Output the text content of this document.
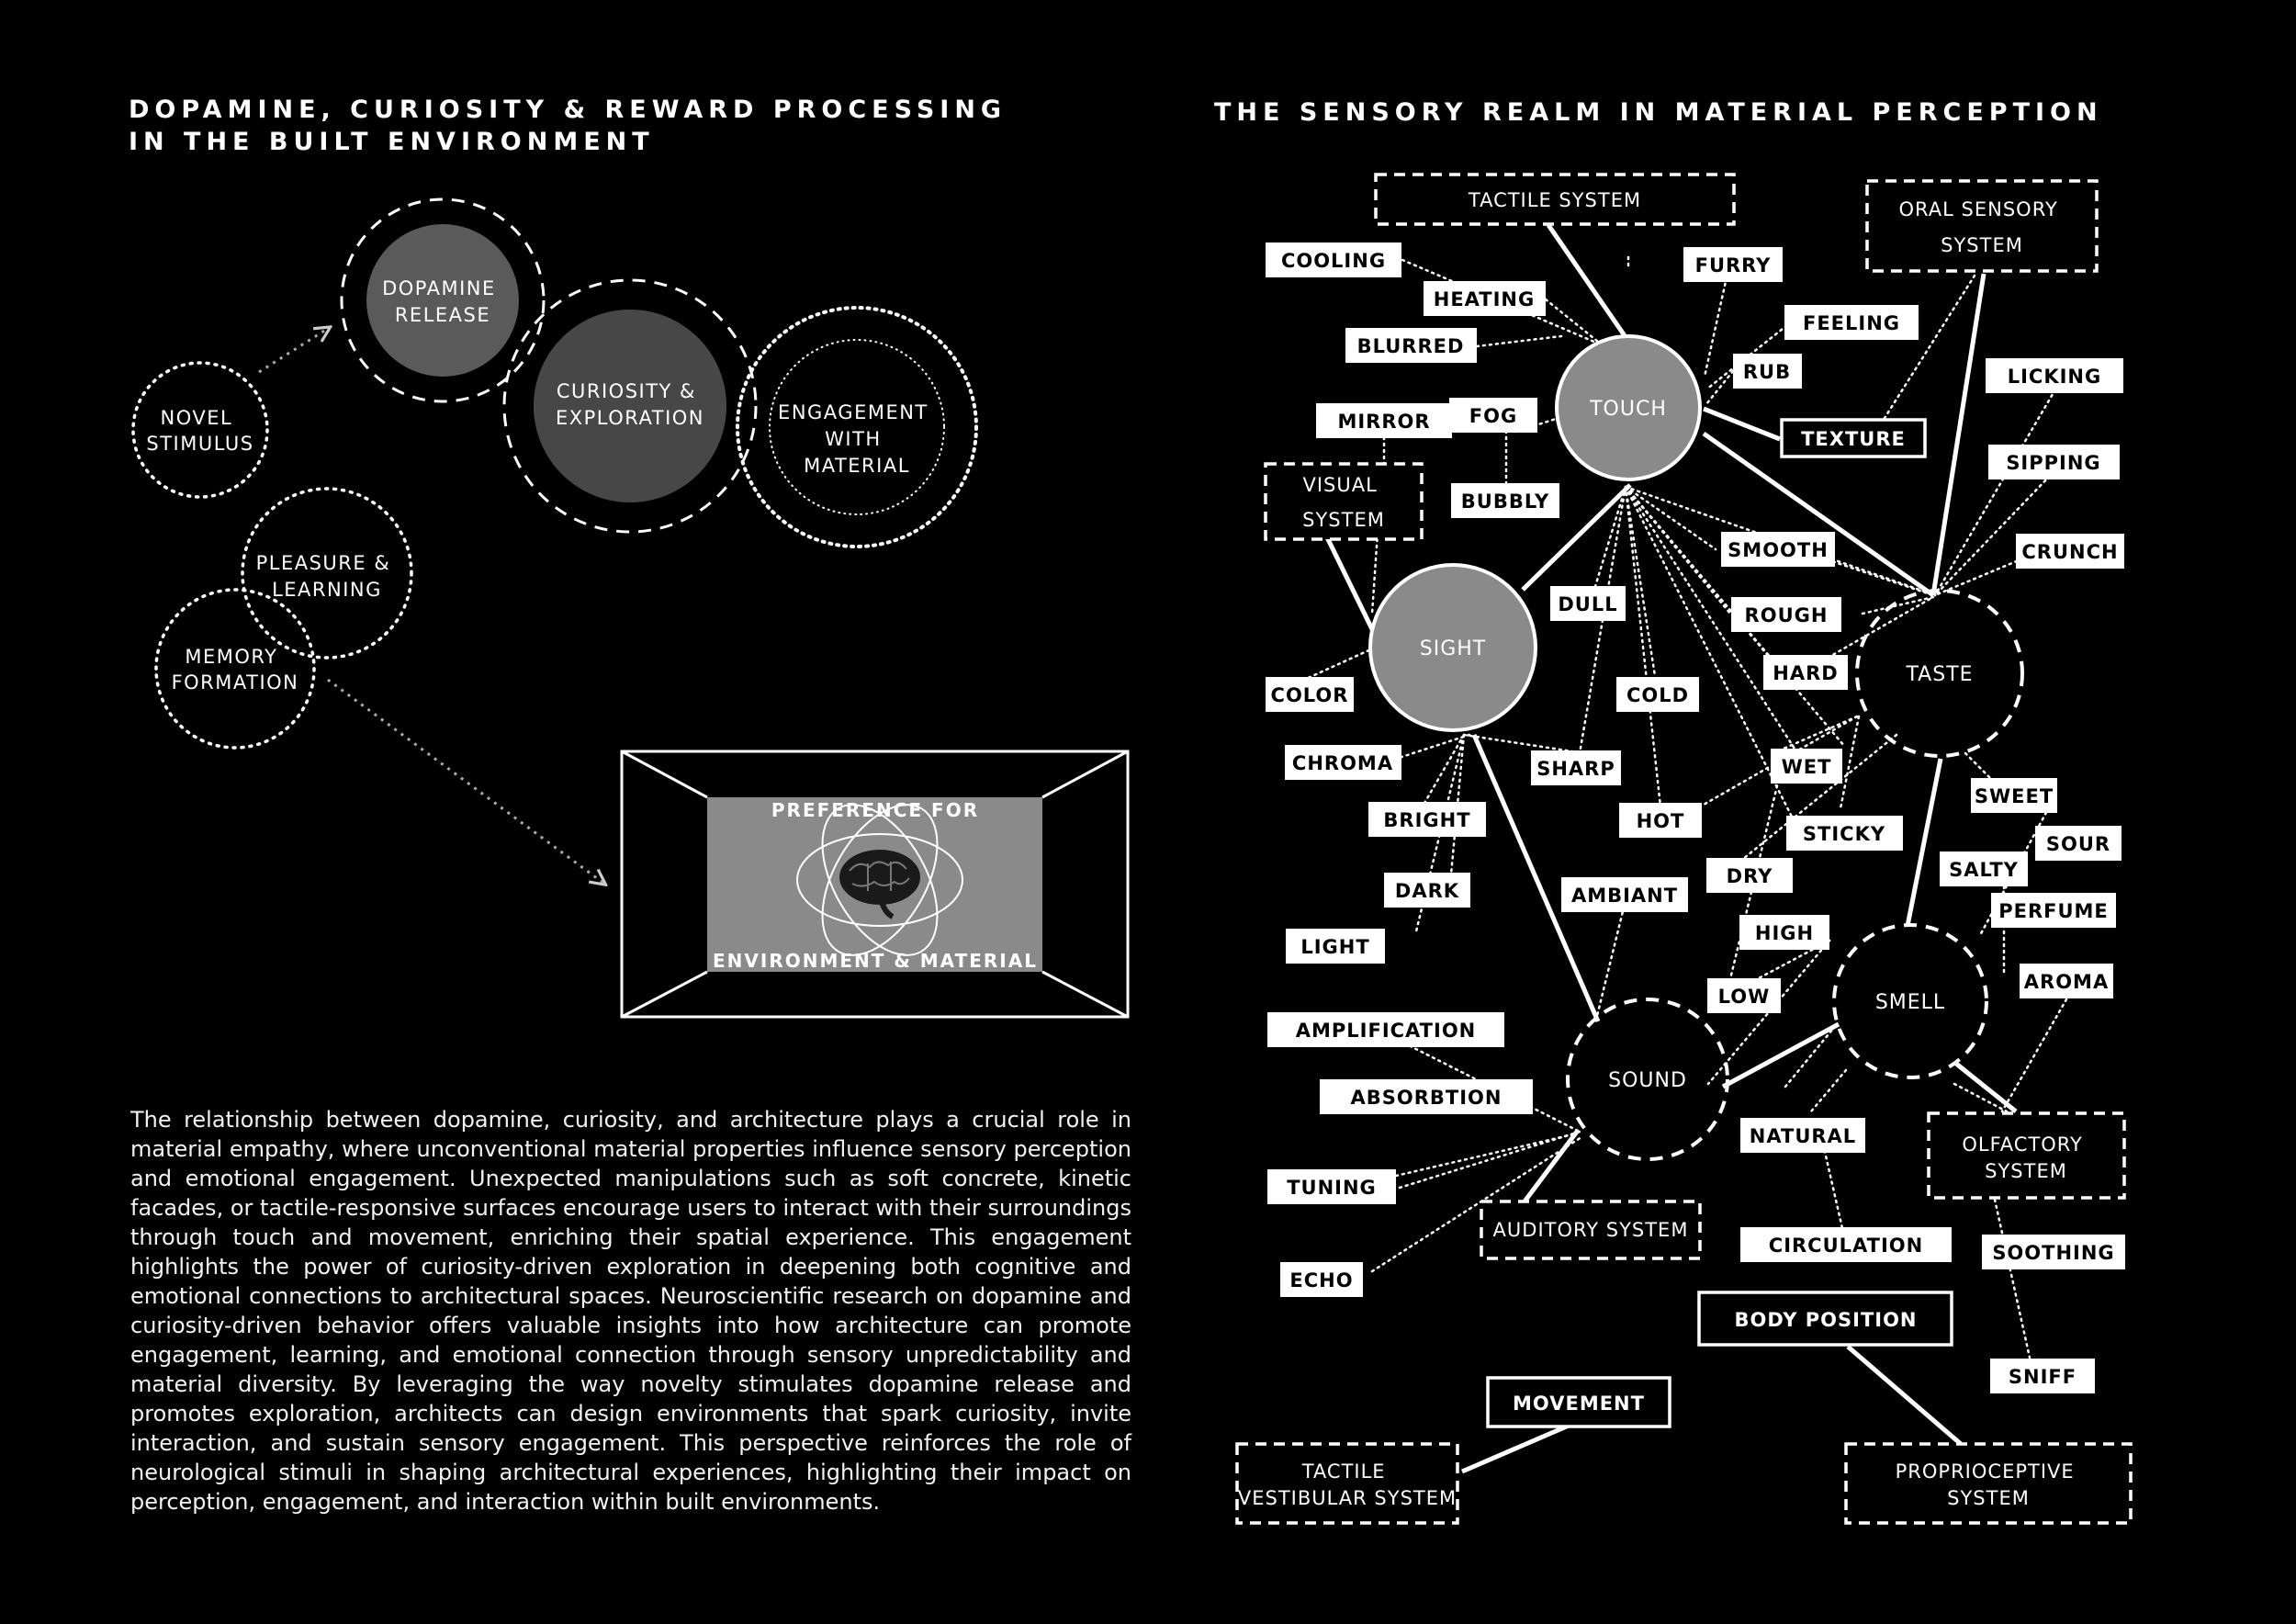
DOPAMINE, CURIOSITY & REWARD PROCESSING
IN THE BUILT ENVIRONMENT
THE SENSORY REALM IN MATERIAL PERCEPTION

The relationship between dopamine, curiosity, and architecture plays a crucial role in material empathy, where unconventional material properties influence sensory perception and emotional engagement. Unexpected manipulations such as soft concrete, kinetic facades, or tactile-responsive surfaces encourage users to interact with their surroundings through touch and movement, enriching their spatial experience. This engagement highlights the power of curiosity-driven exploration in deepening both cognitive and emotional connections to architectural spaces. Neuroscientific research on dopamine and curiosity-driven behavior offers valuable insights into how architecture can promote engagement, learning, and emotional connection through sensory unpredictability and material diversity. By leveraging the way novelty stimulates dopamine release and promotes exploration, architects can design environments that spark curiosity, invite interaction, and sustain sensory engagement. This perspective reinforces the role of neurological stimuli in shaping architectural experiences, highlighting their impact on perception, engagement, and interaction within built environments.

NOVEL STIMULUS
DOPAMINE RELEASE
CURIOSITY & EXPLORATION	ENGAGEMENT WITH MATERIAL
PLEASURE & LEARNING
MEMORY FORMATION
PREFERENCE FOR
ENVIRONMENT & MATERIAL
TOUCH
SIGHT
TASTE
SMELL
SOUND
TACTILE SYSTEM	ORAL SENSORY SYSTEM
VISUAL SYSTEM
AUDITORY SYSTEM
OLFACTORY SYSTEM
TACTILE VESTIBULAR SYSTEM
PROPRIOCEPTIVE SYSTEM
TEXTURE
BODY POSITION
MOVEMENT
COOLING
HEATING
BLURRED
MIRROR FOG
BUBBLY
FURRY
FEELING
RUB	LICKING
SIPPING
CRUNCH
SMOOTH
ROUGH
HARD
DULL
COLD
COLOR
CHROMA	SHARP	WET
BRIGHT	HOT
STICKY
SWEET
SOUR
SALTY
DARK
DRY
AMBIANT
PERFUME
LIGHT
HIGH
AROMA
LOW
AMPLIFICATION
ABSORBTION
NATURAL
TUNING
CIRCULATION	SOOTHING
ECHO
SNIFF
